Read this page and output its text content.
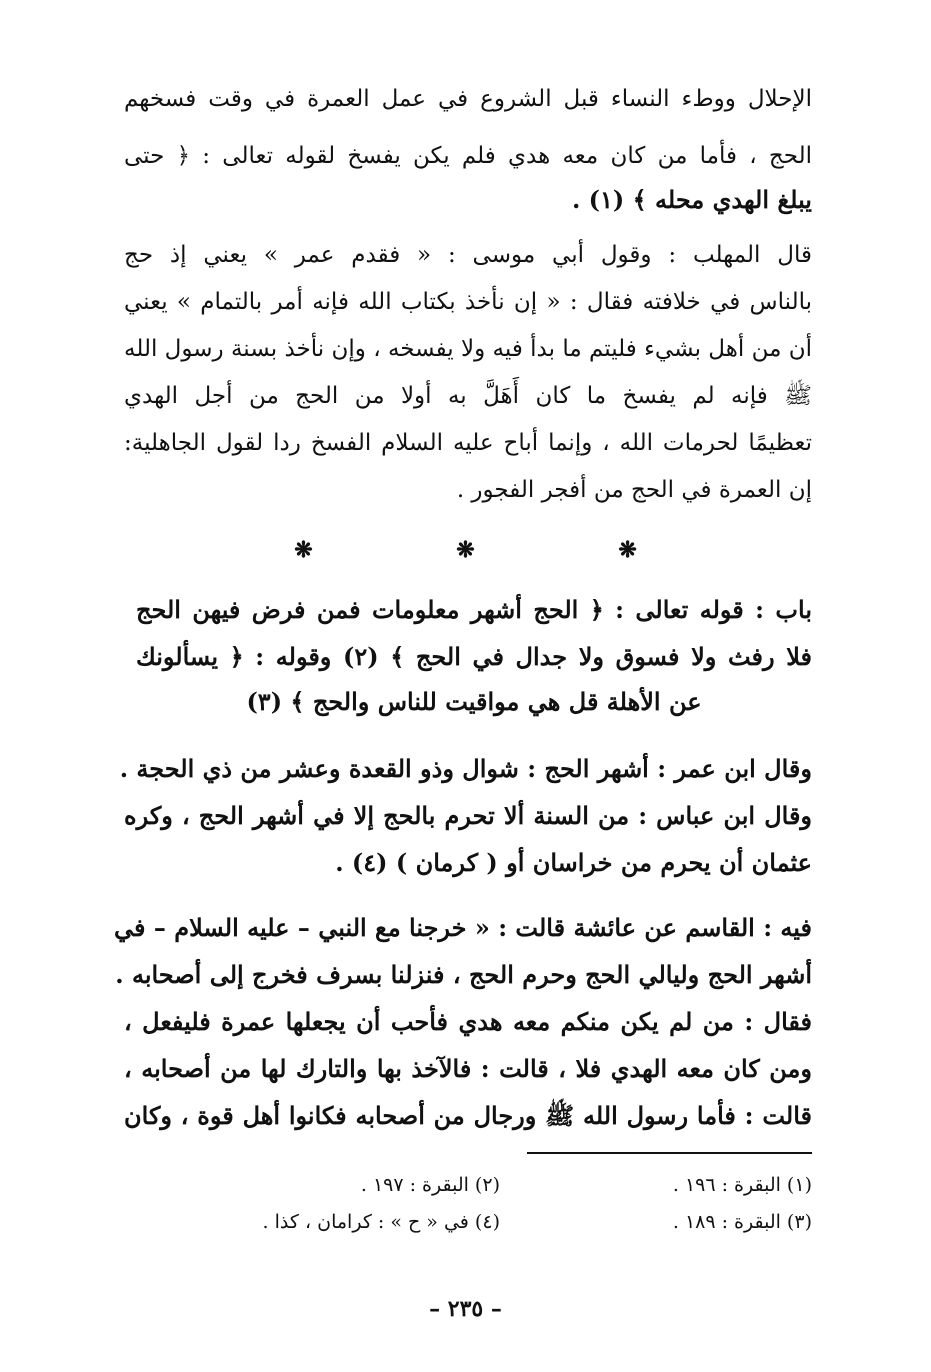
الإحلال ووطء النساء قبل الشروع في عمل العمرة في وقت فسخهم
الحج ، فأما من كان معه هدي فلم يكن يفسخ لقوله تعالى : ﴿ حتى
يبلغ الهدي محله ﴾ (١) .
قال المهلب : وقول أبي موسى : « فقدم عمر » يعني إذ حج
بالناس في خلافته فقال : « إن نأخذ بكتاب الله فإنه أمر بالتمام » يعني
أن من أهل بشيء فليتم ما بدأ فيه ولا يفسخه ، وإن نأخذ بسنة رسول الله
ﷺ فإنه لم يفسخ ما كان أَهَلَّ به أولا من الحج من أجل الهدي
تعظيمًا لحرمات الله ، وإنما أباح عليه السلام الفسخ ردا لقول الجاهلية:
إن العمرة في الحج من أفجر الفجور .
❋ ❋ ❋
باب : قوله تعالى : ﴿ الحج أشهر معلومات فمن فرض فيهن الحج
فلا رفث ولا فسوق ولا جدال في الحج ﴾ (٢) وقوله : ﴿ يسألونك
عن الأهلة قل هي مواقيت للناس والحج ﴾ (٣)
وقال ابن عمر : أشهر الحج : شوال وذو القعدة وعشر من ذي الحجة .
وقال ابن عباس : من السنة ألا تحرم بالحج إلا في أشهر الحج ، وكره
عثمان أن يحرم من خراسان أو ( كرمان ) (٤) .
فيه : القاسم عن عائشة قالت : « خرجنا مع النبي – عليه السلام – في
أشهر الحج وليالي الحج وحرم الحج ، فنزلنا بسرف فخرج إلى أصحابه .
فقال : من لم يكن منكم معه هدي فأحب أن يجعلها عمرة فليفعل ،
ومن كان معه الهدي فلا ، قالت : فالآخذ بها والتارك لها من أصحابه ،
قالت : فأما رسول الله ﷺ ورجال من أصحابه فكانوا أهل قوة ، وكان
(١) البقرة : ١٩٦ .
(٢) البقرة : ١٩٧ .
(٣) البقرة : ١٨٩ .
(٤) في « ح » : كرامان ، كذا .
– ٢٣٥ –
